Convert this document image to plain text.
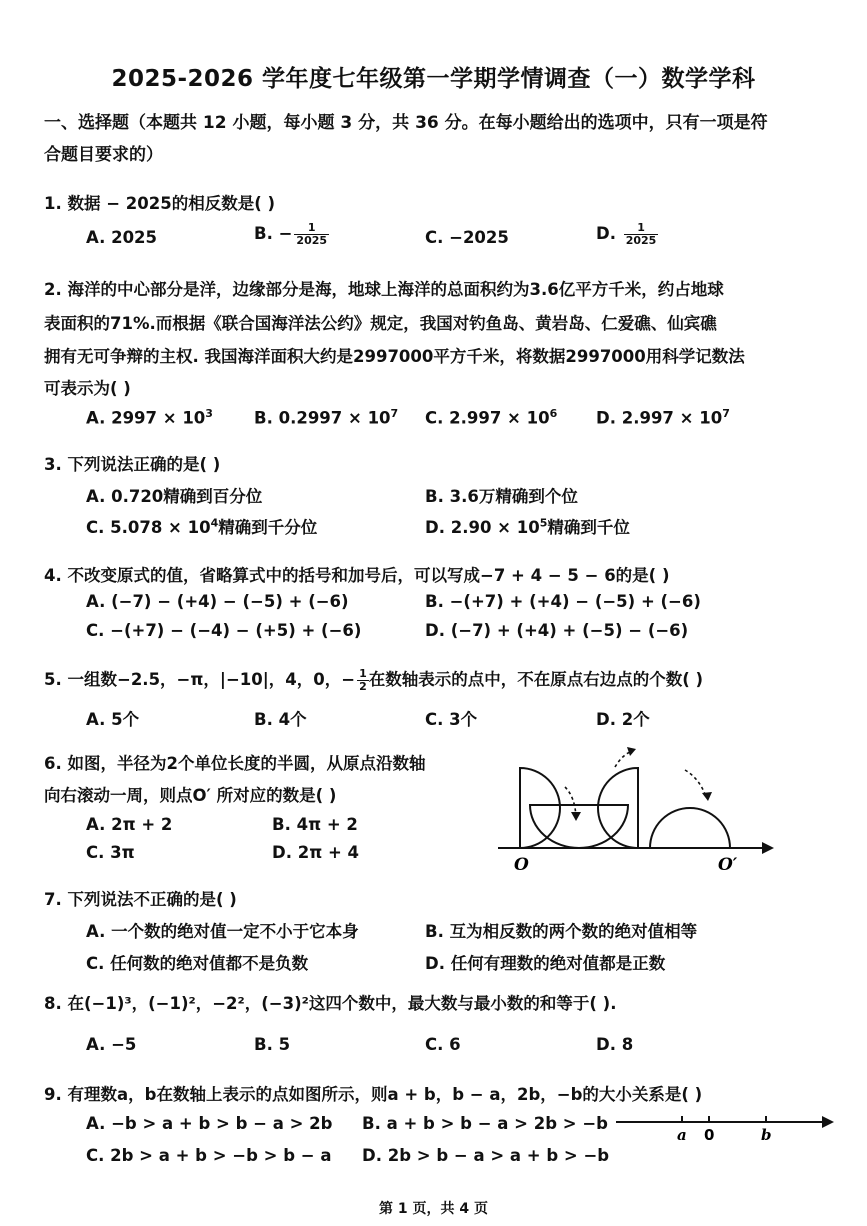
2025-2026 学年度七年级第一学期学情调查（一）数学学科
一、选择题（本题共 12 小题，每小题 3 分，共 36 分。在每小题给出的选项中，只有一项是符
合题目要求的）
1. 数据 − 2025的相反数是( )
A. 2025	B. − $\frac{1}{2025}$	C. −2025	D. $\frac{1}{2025}$
2. 海洋的中心部分是洋，边缘部分是海，地球上海洋的总面积约为3.6亿平方千米，约占地球
表面积的71%.而根据《联合国海洋法公约》规定，我国对钓鱼岛、黄岩岛、仁爱礁、仙宾礁
拥有无可争辩的主权. 我国海洋面积大约是2997000平方千米，将数据2997000用科学记数法
可表示为( )
A. $2997 \times 10^3$ B. $0.2997 \times 10^7$ C. $2.997 \times 10^6$ D. $2.997 \times 10^7$
3. 下列说法正确的是( )
A. 0.720精确到百分位	B. 3.6万精确到个位
C. $5.078 \times 10^4$精确到千分位	D. $2.90 \times 10^5$精确到千位
4. 不改变原式的值，省略算式中的括号和加号后，可以写成−7 + 4 − 5 − 6的是( )
A. (−7) − (+4) − (−5) + (−6)	B. −(+7) + (+4) − (−5) + (−6)
C. −(+7) − (−4) − (+5) + (−6)	D. (−7) + (+4) + (−5) − (−6)
5. 一组数−2.5，−π，|−10|，4，0，− $\frac{1}{2}$ 在数轴表示的点中，不在原点右边点的个数( )
A. 5个	B. 4个	C. 3个	D. 2个
6. 如图，半径为2个单位长度的半圆，从原点沿数轴
向右滚动一周，则点O′ 所对应的数是( )
A. 2π + 2	B. 4π + 2
C. 3π	D. 2π + 4
O	O′
7. 下列说法不正确的是( )
A. 一个数的绝对值一定不小于它本身	B. 互为相反数的两个数的绝对值相等
C. 任何数的绝对值都不是负数	D. 任何有理数的绝对值都是正数
8. 在(−1)³，(−1)²，−2²，(−3)²这四个数中，最大数与最小数的和等于( ).
A. −5	B. 5	C. 6	D. 8
9. 有理数a，b在数轴上表示的点如图所示，则a + b，b − a，2b，−b的大小关系是( )
A. −b > a + b > b − a > 2b B. a + b > b − a > 2b > −b
C. 2b > a + b > −b > b − a D. 2b > b − a > a + b > −b
a 0	b
第 1 页，共 4 页
